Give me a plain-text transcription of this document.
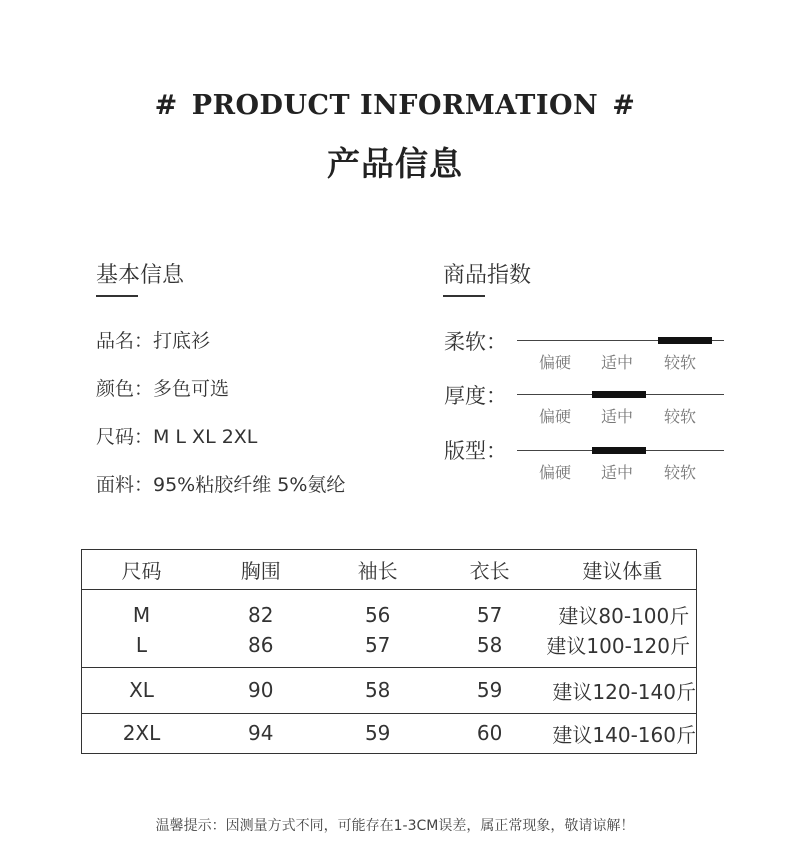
# PRODUCT INFORMATION #
产品信息
基本信息
品名：打底衫
颜色：多色可选
尺码：M L XL 2XL
面料：95%粘胶纤维 5%氨纶
商品指数
柔软：
偏硬 适中 较软
厚度：
偏硬 适中 较软
版型：
偏硬 适中 较软
尺码	胸围	袖长	衣长	建议体重
M	82	56	57	建议80-100斤
L	86	57	58	建议100-120斤
XL	90	58	59	建议120-140斤
2XL	94	59	60	建议140-160斤
温馨提示：因测量方式不同，可能存在1-3CM误差，属正常现象，敬请谅解！
